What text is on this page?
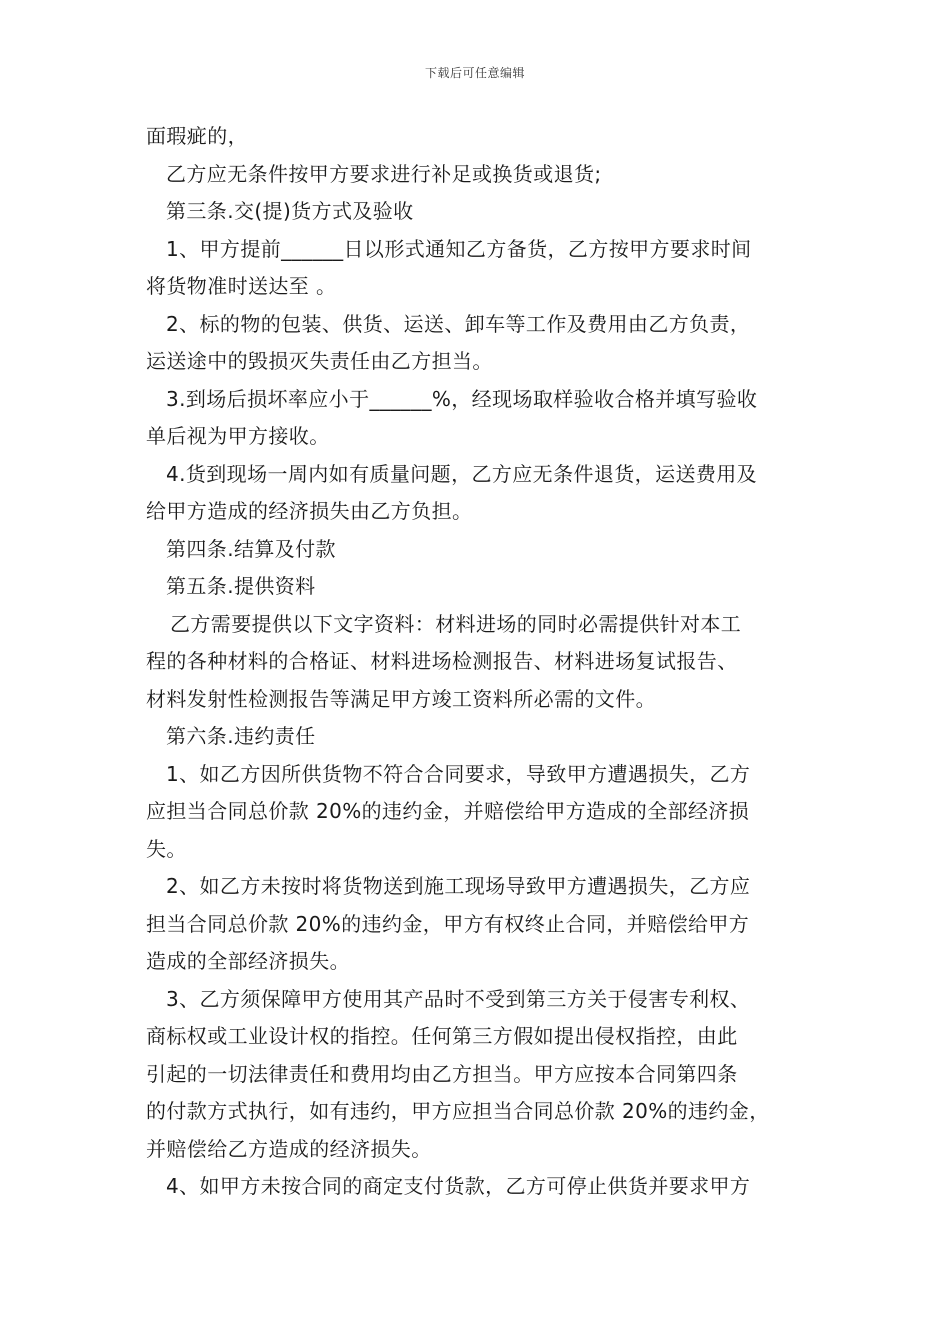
下载后可任意编辑
面瑕疵的，
乙方应无条件按甲方要求进行补足或换货或退货;
第三条.交(提)货方式及验收
1、甲方提前______日以形式通知乙方备货，乙方按甲方要求时间
将货物准时送达至 。
2、标的物的包装、供货、运送、卸车等工作及费用由乙方负责，
运送途中的毁损灭失责任由乙方担当。
3.到场后损坏率应小于______%，经现场取样验收合格并填写验收
单后视为甲方接收。
4.货到现场一周内如有质量问题，乙方应无条件退货，运送费用及
给甲方造成的经济损失由乙方负担。
第四条.结算及付款
第五条.提供资料
乙方需要提供以下文字资料：材料进场的同时必需提供针对本工
程的各种材料的合格证、材料进场检测报告、材料进场复试报告、
材料发射性检测报告等满足甲方竣工资料所必需的文件。
第六条.违约责任
1、如乙方因所供货物不符合合同要求，导致甲方遭遇损失，乙方
应担当合同总价款 20%的违约金，并赔偿给甲方造成的全部经济损
失。
2、如乙方未按时将货物送到施工现场导致甲方遭遇损失，乙方应
担当合同总价款 20%的违约金，甲方有权终止合同，并赔偿给甲方
造成的全部经济损失。
3、乙方须保障甲方使用其产品时不受到第三方关于侵害专利权、
商标权或工业设计权的指控。任何第三方假如提出侵权指控，由此
引起的一切法律责任和费用均由乙方担当。甲方应按本合同第四条
的付款方式执行，如有违约，甲方应担当合同总价款 20%的违约金，
并赔偿给乙方造成的经济损失。
4、如甲方未按合同的商定支付货款，乙方可停止供货并要求甲方
